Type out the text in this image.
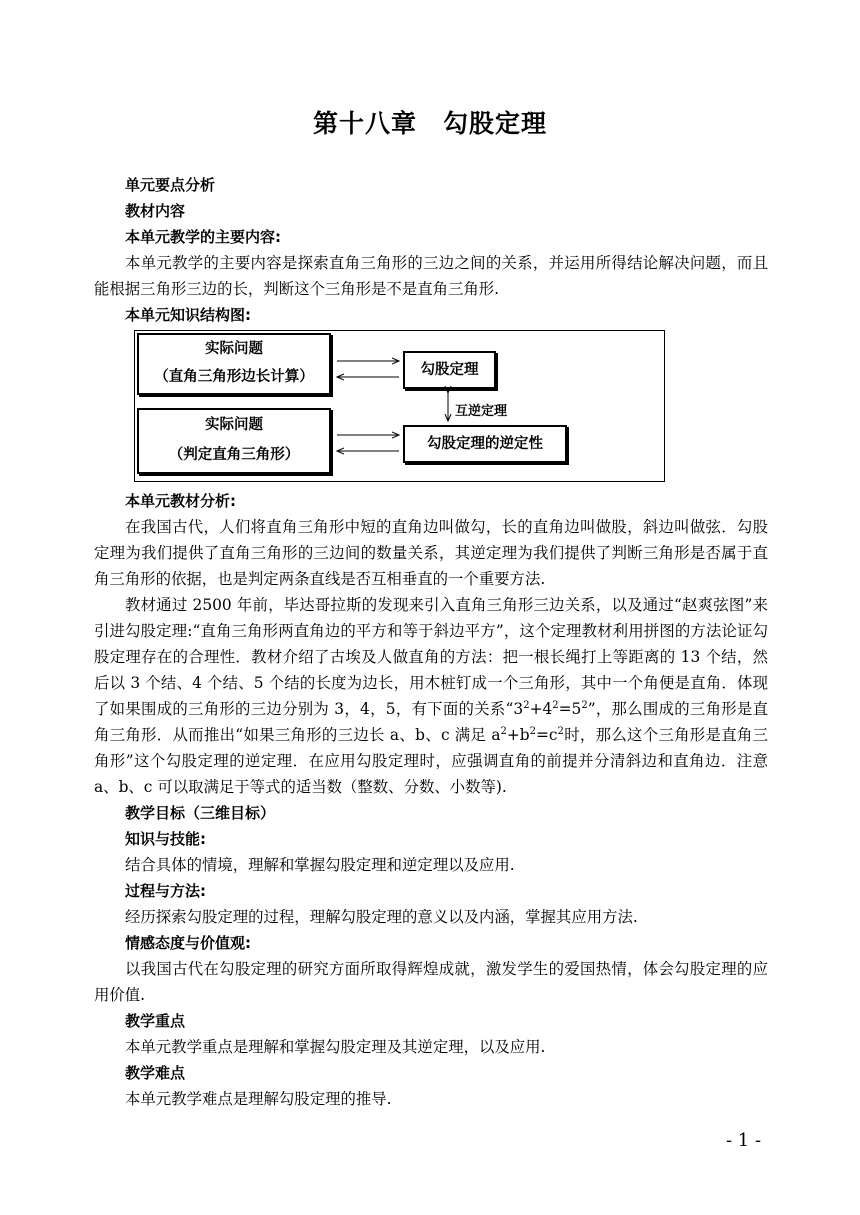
第十八章　勾股定理
单元要点分析
教材内容
本单元教学的主要内容:

本单元教学的主要内容是探索直角三角形的三边之间的关系，并运用所得结论解决问题，而且能根据三角形三边的长，判断这个三角形是不是直角三角形.

本单元知识结构图:
实际问题
（直角三角形边长计算）
实际问题
（判定直角三角形）
勾股定理
勾股定理的逆定性
互逆定理
本单元教材分析:

在我国古代，人们将直角三角形中短的直角边叫做勾，长的直角边叫做股，斜边叫做弦．勾股定理为我们提供了直角三角形的三边间的数量关系，其逆定理为我们提供了判断三角形是否属于直角三角形的依据，也是判定两条直线是否互相垂直的一个重要方法.

教材通过 2500 年前，毕达哥拉斯的发现来引入直角三角形三边关系，以及通过“赵爽弦图”来引进勾股定理:“直角三角形两直角边的平方和等于斜边平方”，这个定理教材利用拼图的方法论证勾股定理存在的合理性．教材介绍了古埃及人做直角的方法：把一根长绳打上等距离的 13 个结，然后以 3 个结、4 个结、5 个结的长度为边长，用木桩钉成一个三角形，其中一个角便是直角．体现了如果围成的三角形的三边分别为 3，4，5，有下面的关系“$3^2+4^2=5^2$”，那么围成的三角形是直角三角形．从而推出“如果三角形的三边长 a、b、c 满足 $a^2+b^2=c^2$时，那么这个三角形是直角三角形”这个勾股定理的逆定理．在应用勾股定理时，应强调直角的前提并分清斜边和直角边．注意 a、b、c 可以取满足于等式的适当数（整数、分数、小数等).

教学目标（三维目标）
知识与技能:

结合具体的情境，理解和掌握勾股定理和逆定理以及应用.

过程与方法:

经历探索勾股定理的过程，理解勾股定理的意义以及内涵，掌握其应用方法.

情感态度与价值观:

以我国古代在勾股定理的研究方面所取得辉煌成就，激发学生的爱国热情，体会勾股定理的应用价值.

教学重点

本单元教学重点是理解和掌握勾股定理及其逆定理，以及应用.

教学难点

本单元教学难点是理解勾股定理的推导.

- 1 -
